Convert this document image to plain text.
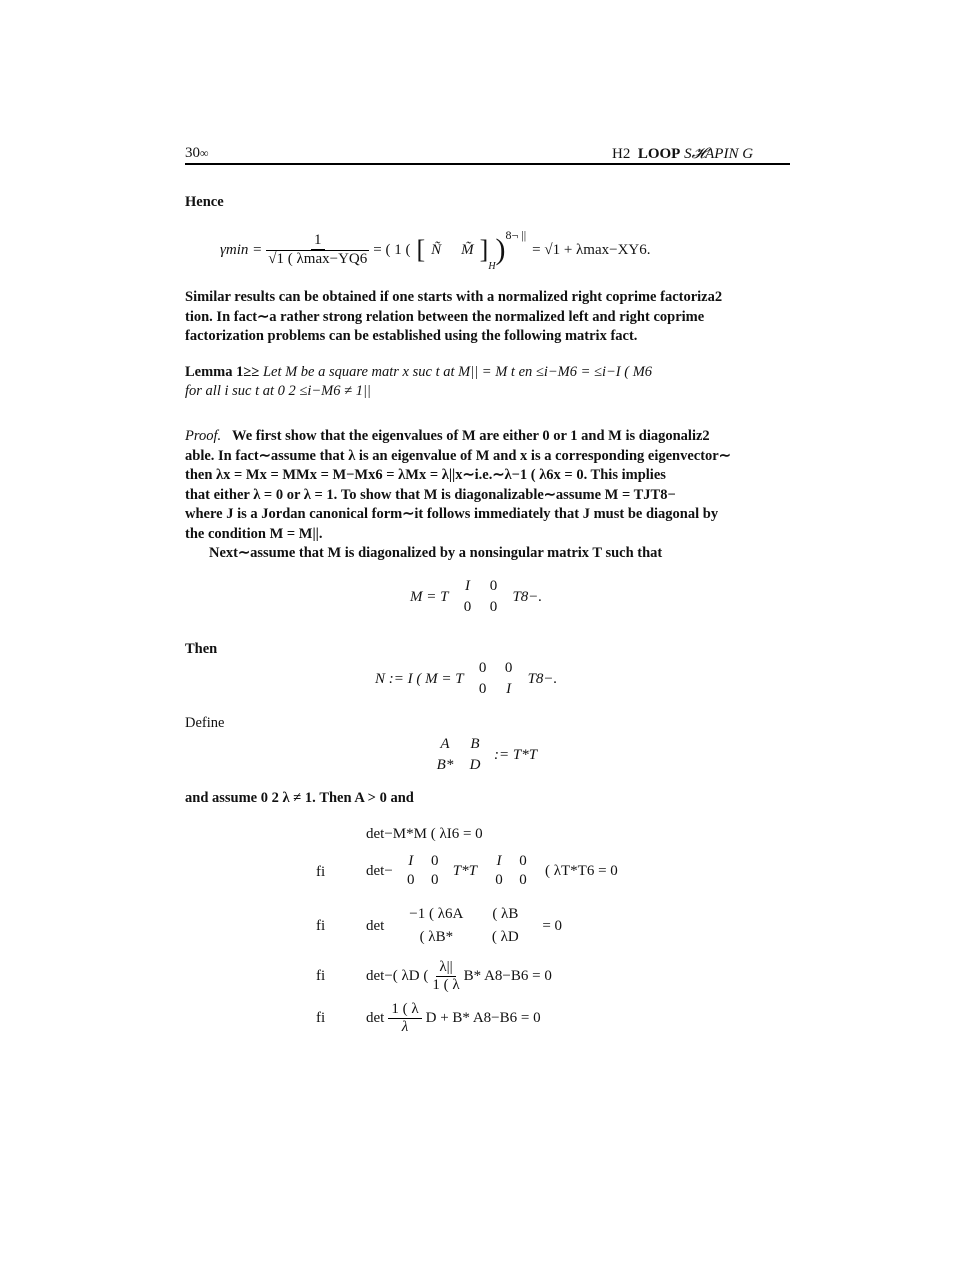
30∞	H2 LOOP S𝓗APIN G
Hence
$\gamma\min = \frac{1}{√1 ( \lambda\max-YQ6}$ = ( 1 ( [ Ñ M̃ ]
H
) 8¬ ||
= √1 + λmax−XY6.
Similar results can be obtained if one starts with a normalized right coprime factoriza2
tion. In fact∼a rather strong relation between the normalized left and right coprime
factorization problems can be established using the following matrix fact.
Lemma 1≥≥ Let M be a square matr x suc t at M|| = M t en ≤i−M6 = ≤i−I ( M6
for all i suc t at 0 2 ≤i−M6 ≠ 1||
Proof. We first show that the eigenvalues of M are either 0 or 1 and M is diagonaliz2
able. In fact∼assume that λ is an eigenvalue of M and x is a corresponding eigenvector∼
then λx = Mx = MMx = M−Mx6 = λMx = λ||x∼i.e.∼λ−1 ( λ6x = 0. This implies
that either λ = 0 or λ = 1. To show that M is diagonalizable∼assume M = TJT8−
where J is a Jordan canonical form∼it follows immediately that J must be diagonal by
the condition M = M||.
Next∼assume that M is diagonalized by a nonsingular matrix T such that
M = T
I	0
0	0
T8−.
Then
N := I ( M = T
0	0
0	I
T8−.
Define
A	B
B*	D
:= T*T
and assume 0 2 λ ≠ 1. Then A > 0 and
det−M*M ( λI6 = 0
fi	det−
I	0
0	0
T*T
I	0
0	0
( λT*T6 = 0
fi	det
−1 ( λ6A	( λB
( λB*	( λD
= 0
fi	det−( λD ( $\frac{\lambda||}{1 ( \lambda} B*$ A8−B6 = 0
fi	$\det \frac{1 ( \lambda}{\lambda}$ D + B* A8−B6 = 0
